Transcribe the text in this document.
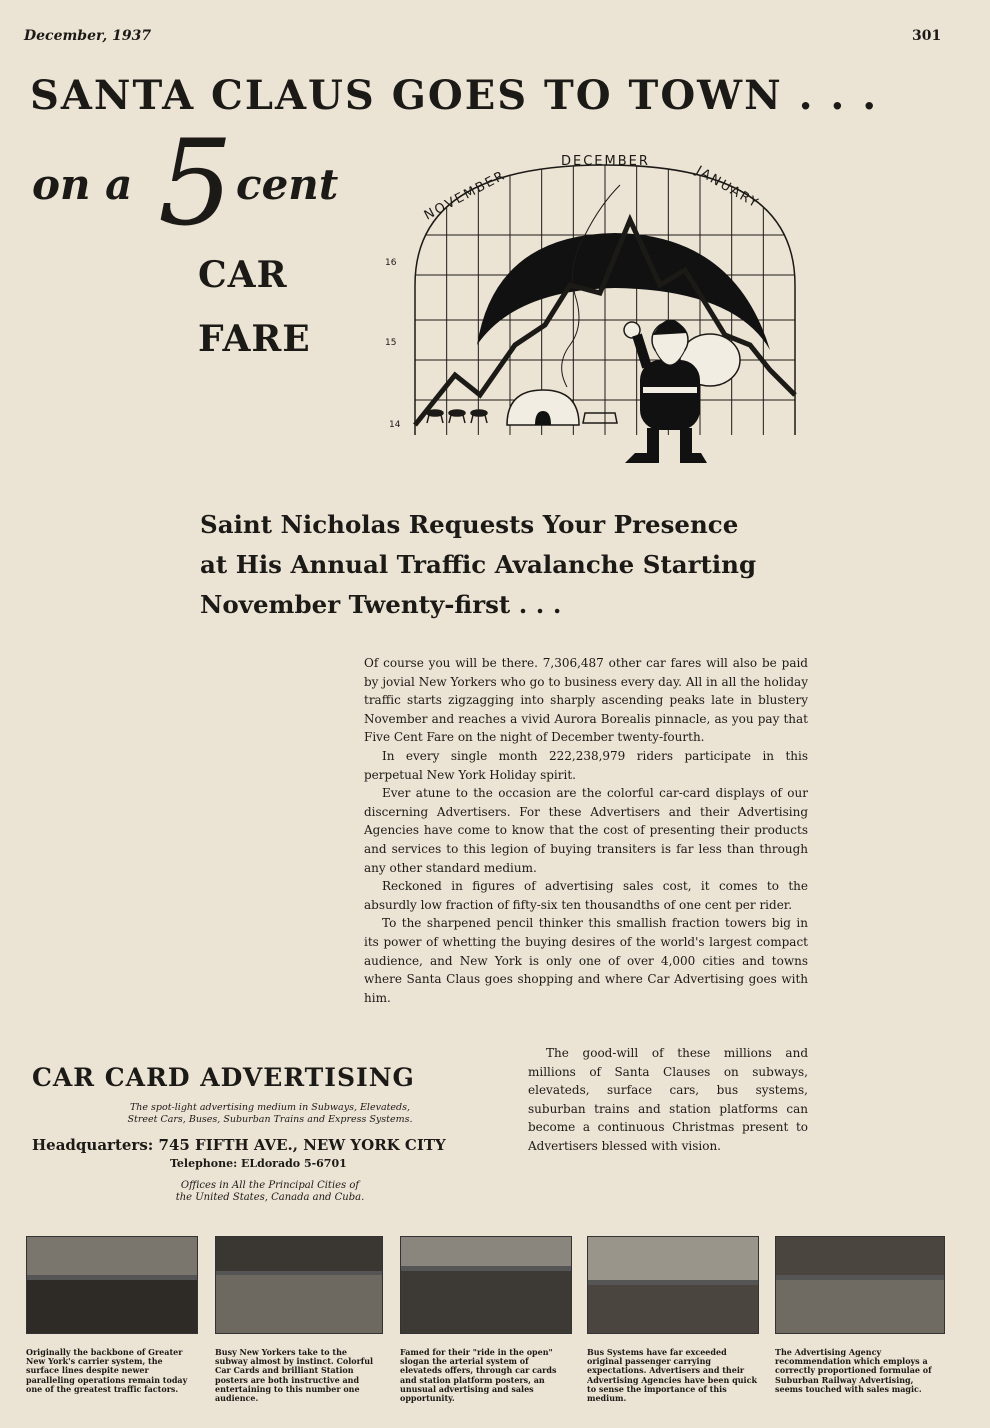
December, 1937	301
SANTA CLAUS GOES TO TOWN . . .
on a 5 cent
CAR
FARE
NOVEMBER
DECEMBER
JANUARY
16
15
14
Saint Nicholas Requests Your Presence
at His Annual Traffic Avalanche Starting
November Twenty-first . . .

Of course you will be there. 7,306,487 other car fares will also be paid by jovial New Yorkers who go to business every day. All in all the holiday traffic starts zigzagging into sharply ascending peaks late in blustery November and reaches a vivid Aurora Borealis pinnacle, as you pay that Five Cent Fare on the night of December twenty-fourth.

In every single month 222,238,979 riders participate in this perpetual New York Holiday spirit.

Ever atune to the occasion are the colorful car-card displays of our discerning Advertisers. For these Advertisers and their Advertising Agencies have come to know that the cost of presenting their products and services to this legion of buying transiters is far less than through any other standard medium.

Reckoned in figures of advertising sales cost, it comes to the absurdly low fraction of fifty-six ten thousandths of one cent per rider.

To the sharpened pencil thinker this smallish fraction towers big in its power of whetting the buying desires of the world's largest compact audience, and New York is only one of over 4,000 cities and towns where Santa Claus goes shopping and where Car Advertising goes with him.

The good-will of these millions and millions of Santa Clauses on subways, elevateds, surface cars, bus systems, suburban trains and station platforms can become a continuous Christmas present to Advertisers blessed with vision.

CAR CARD ADVERTISING
The spot-light advertising medium in Subways, Elevateds,
Street Cars, Buses, Suburban Trains and Express Systems.
Headquarters: 745 FIFTH AVE., NEW YORK CITY
Telephone: ELdorado 5-6701
Offices in All the Principal Cities of
the United States, Canada and Cuba.
Originally the backbone of Greater New York's carrier system, the surface lines despite newer paralleling operations remain today one of the greatest traffic factors.
Busy New Yorkers take to the subway almost by instinct. Colorful Car Cards and brilliant Station posters are both instructive and entertaining to this number one audience.
Famed for their "ride in the open" slogan the arterial system of elevateds offers, through car cards and station platform posters, an unusual advertising and sales opportunity.
Bus Systems have far exceeded original passenger carrying expectations. Advertisers and their Advertising Agencies have been quick to sense the importance of this medium.
The Advertising Agency recommendation which employs a correctly proportioned formulae of Suburban Railway Advertising, seems touched with sales magic.
